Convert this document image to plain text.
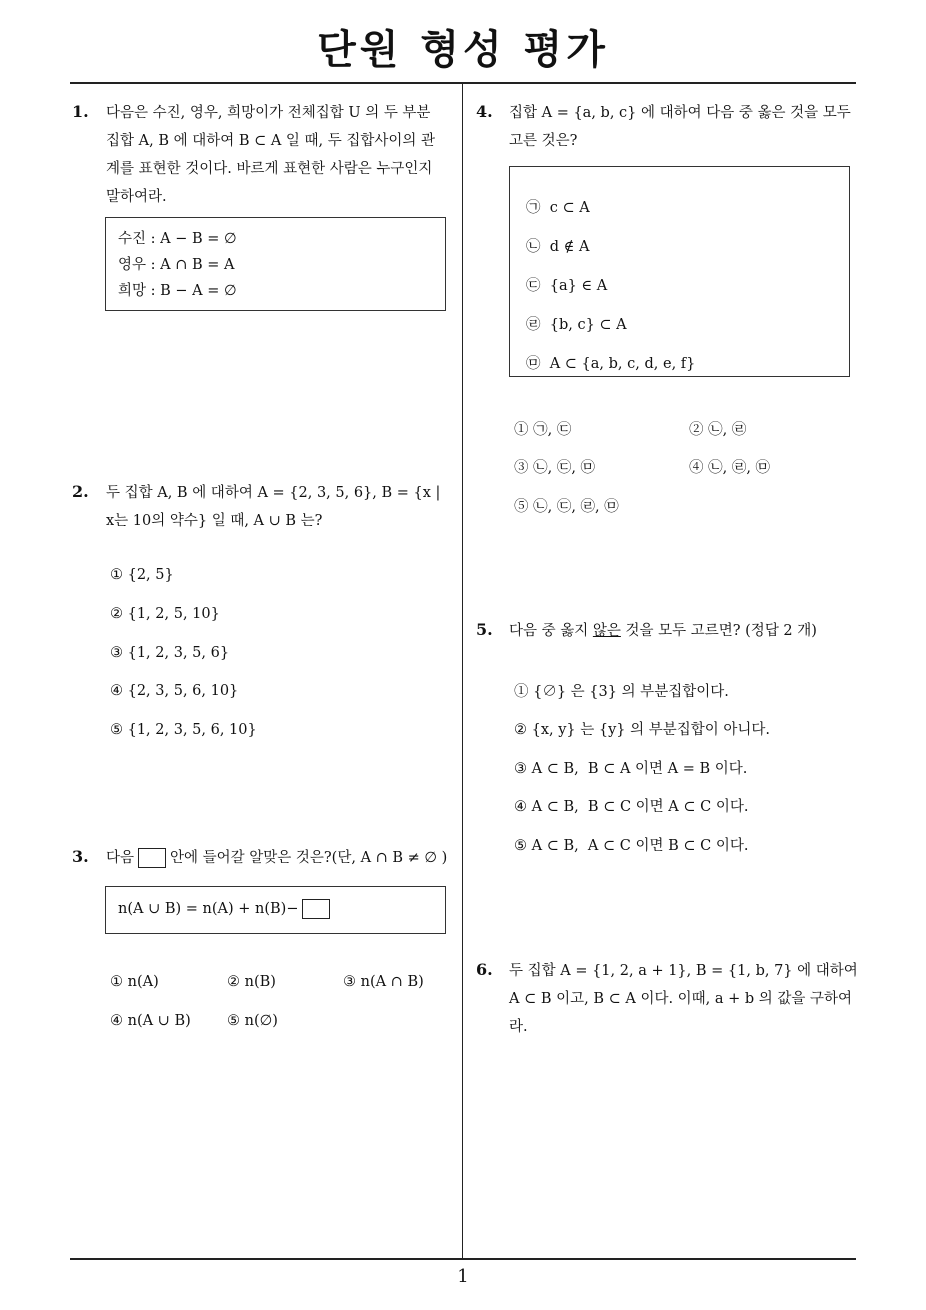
단원 형성 평가
1. 다음은 수진, 영우, 희망이가 전체집합 U 의 두 부분
집합 A, B 에 대하여 B ⊂ A 일 때, 두 집합사이의 관
계를 표현한 것이다. 바르게 표현한 사람은 누구인지
말하여라.
수진 : A − B = ∅
영우 : A ∩ B = A
희망 : B − A = ∅
2. 두 집합 A, B 에 대하여 A = {2, 3, 5, 6}, B = {x |
x는 10의 약수} 일 때, A ∪ B 는?
① {2, 5}
② {1, 2, 5, 10}
③ {1, 2, 3, 5, 6}
④ {2, 3, 5, 6, 10}
⑤ {1, 2, 3, 5, 6, 10}
3. 다음 안에 들어갈 알맞은 것은?(단, A ∩ B ≠ ∅ )
n(A ∪ B) = n(A) + n(B)−
① n(A)	② n(B)	③ n(A ∩ B)
④ n(A ∪ B) ⑤ n(∅)
4. 집합 A = {a, b, c} 에 대하여 다음 중 옳은 것을 모두
고른 것은?
㉠  c ⊂ A
㉡  d ∉ A
㉢  {a} ∈ A
㉣  {b, c} ⊂ A
㉤  A ⊂ {a, b, c, d, e, f}
① ㉠, ㉢	② ㉡, ㉣
③ ㉡, ㉢, ㉤	④ ㉡, ㉣, ㉤
⑤ ㉡, ㉢, ㉣, ㉤
5. 다음 중 옳지 않은 것을 모두 고르면? (정답 2 개)
① {∅} 은 {3} 의 부분집합이다.
② {x, y} 는 {y} 의 부분집합이 아니다.
③ A ⊂ B,  B ⊂ A 이면 A = B 이다.
④ A ⊂ B,  B ⊂ C 이면 A ⊂ C 이다.
⑤ A ⊂ B,  A ⊂ C 이면 B ⊂ C 이다.
6. 두 집합 A = {1, 2, a + 1}, B = {1, b, 7} 에 대하여
A ⊂ B 이고, B ⊂ A 이다. 이때, a + b 의 값을 구하여
라.
1
